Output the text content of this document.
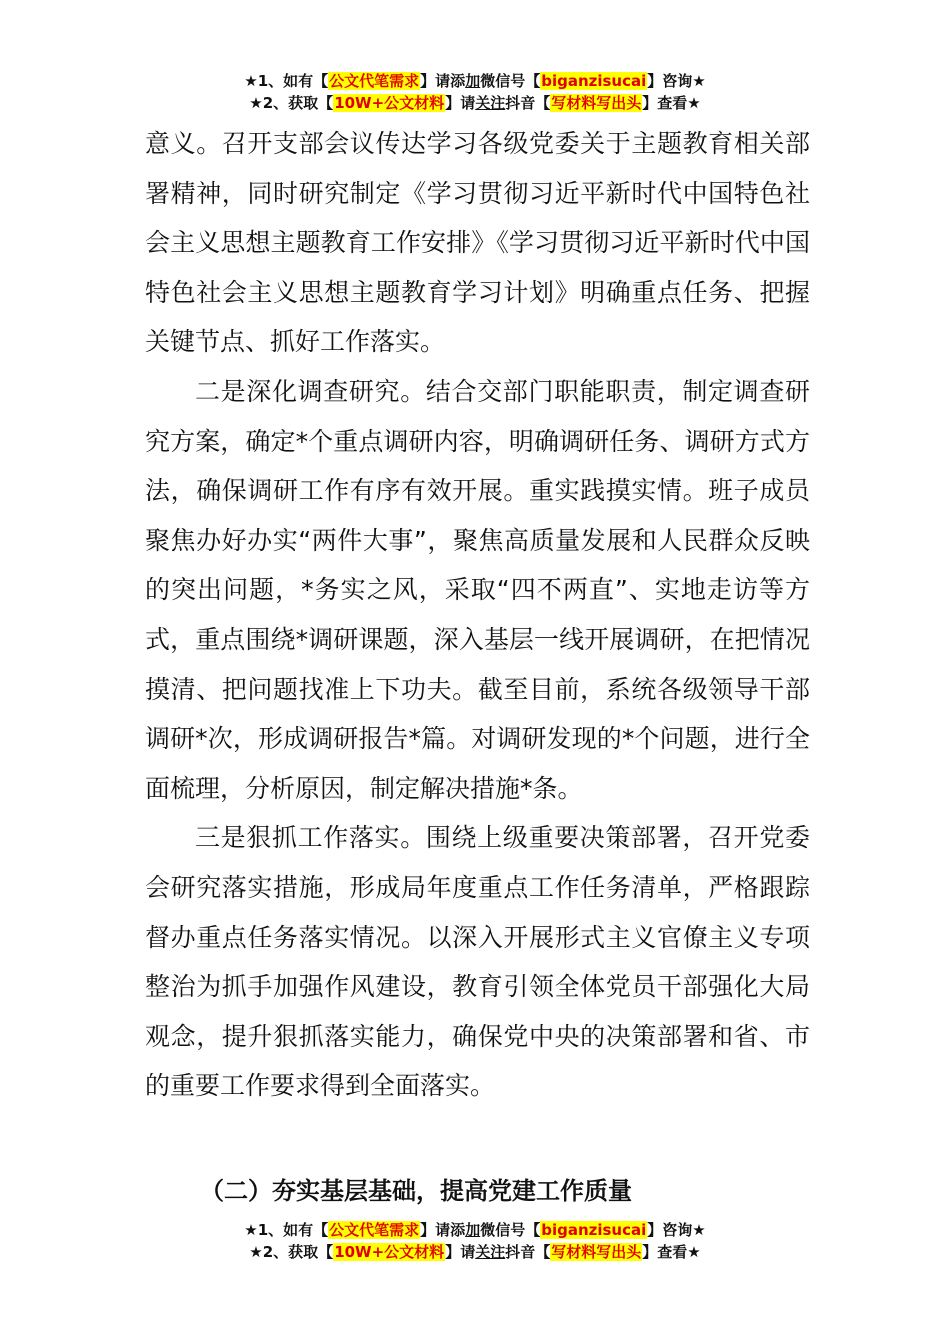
★1、如有【公文代笔需求】请添加微信号【biganzisucai】咨询★
★2、获取【10W+公文材料】请关注抖音【写材料写出头】查看★

意义。召开支部会议传达学习各级党委关于主题教育相关部署精神，同时研究制定《学习贯彻习近平新时代中国特色社会主义思想主题教育工作安排》《学习贯彻习近平新时代中国特色社会主义思想主题教育学习计划》明确重点任务、把握关键节点、抓好工作落实。

二是深化调查研究。结合交部门职能职责，制定调查研究方案，确定*个重点调研内容，明确调研任务、调研方式方法，确保调研工作有序有效开展。重实践摸实情。班子成员聚焦办好办实“两件大事”，聚焦高质量发展和人民群众反映的突出问题，*务实之风，采取“四不两直”、实地走访等方式，重点围绕*调研课题，深入基层一线开展调研，在把情况摸清、把问题找准上下功夫。截至目前，系统各级领导干部调研*次，形成调研报告*篇。对调研发现的*个问题，进行全面梳理，分析原因，制定解决措施*条。

三是狠抓工作落实。围绕上级重要决策部署，召开党委会研究落实措施，形成局年度重点工作任务清单，严格跟踪督办重点任务落实情况。以深入开展形式主义官僚主义专项整治为抓手加强作风建设，教育引领全体党员干部强化大局观念，提升狠抓落实能力，确保党中央的决策部署和省、市的重要工作要求得到全面落实。

（二）夯实基层基础，提高党建工作质量
★1、如有【公文代笔需求】请添加微信号【biganzisucai】咨询★
★2、获取【10W+公文材料】请关注抖音【写材料写出头】查看★
